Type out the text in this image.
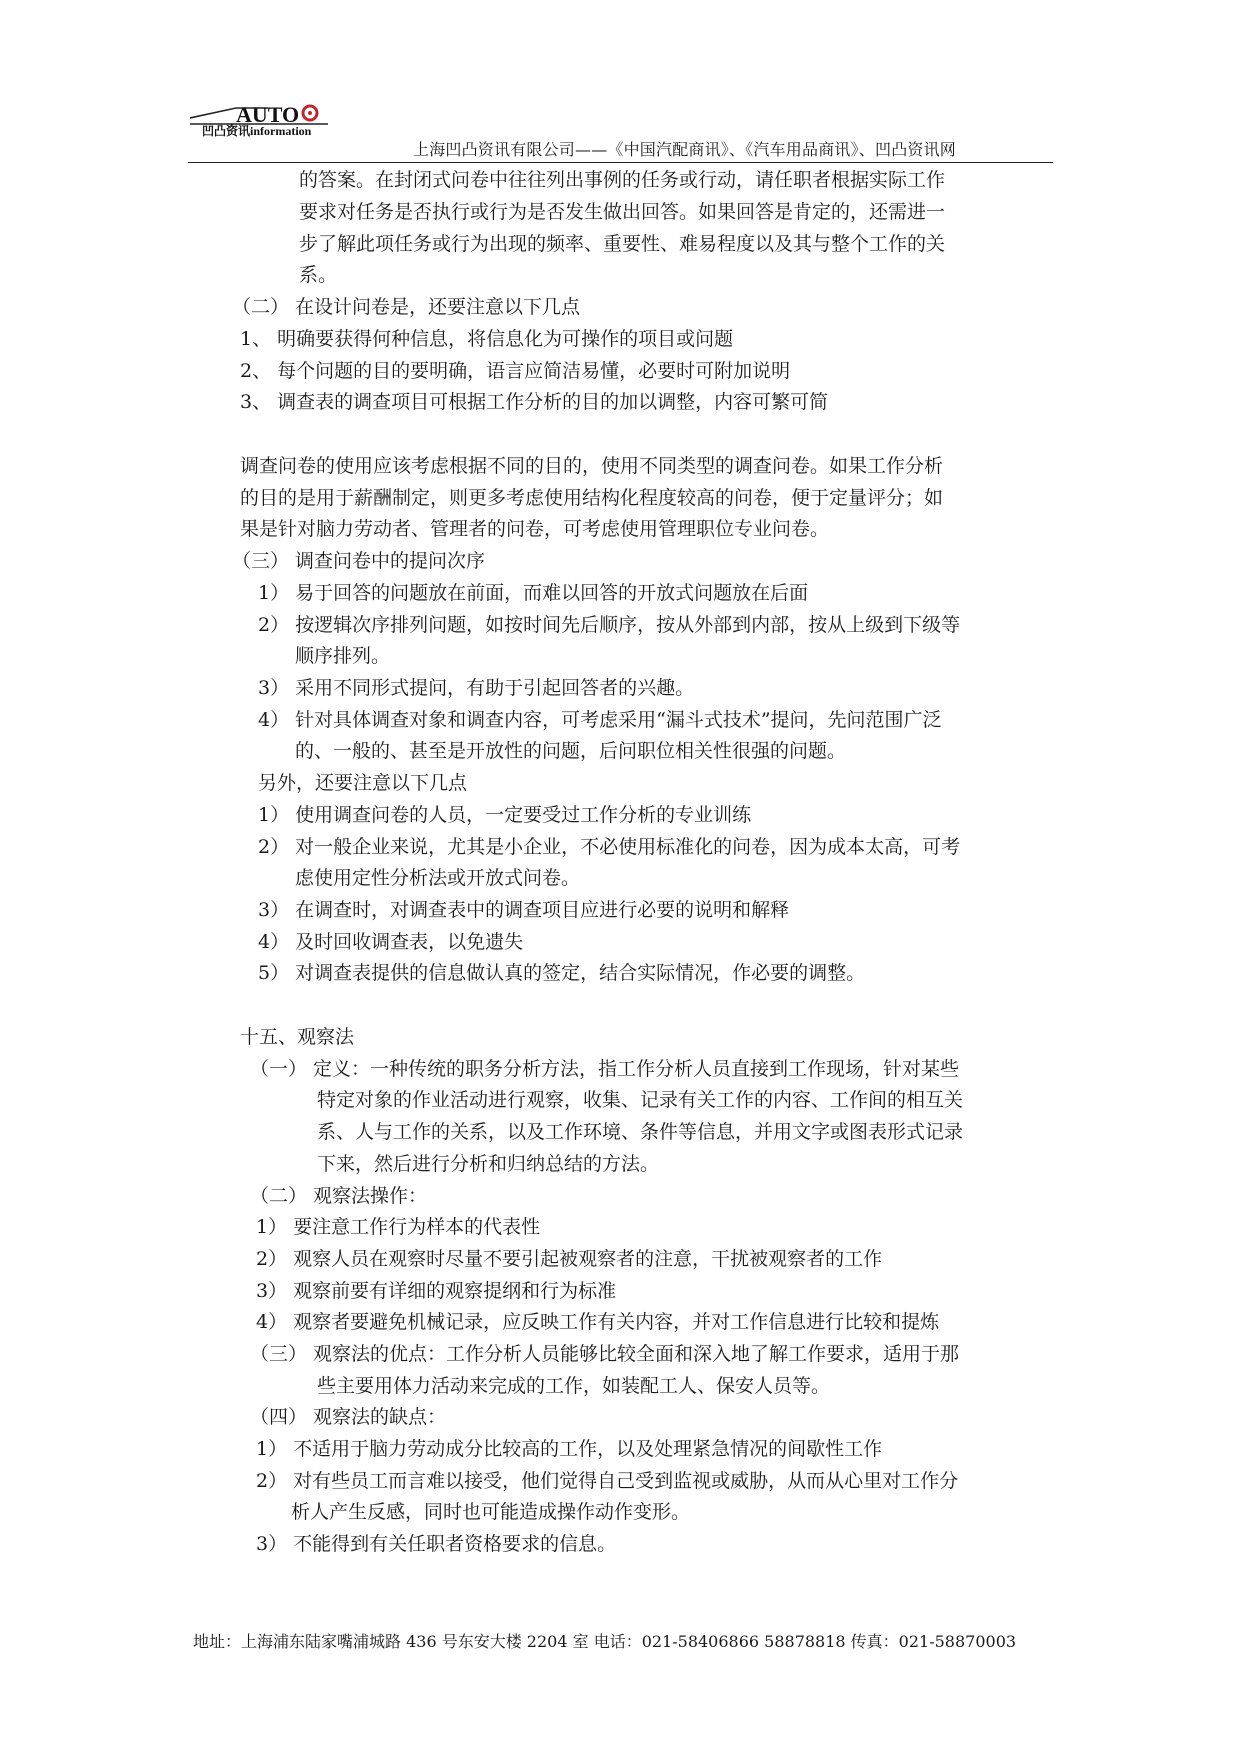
AUTO
凹凸资讯information
上海凹凸资讯有限公司——《中国汽配商讯》、《汽车用品商讯》、凹凸资讯网
的答案。在封闭式问卷中往往列出事例的任务或行动，请任职者根据实际工作
要求对任务是否执行或行为是否发生做出回答。如果回答是肯定的，还需进一
步了解此项任务或行为出现的频率、重要性、难易程度以及其与整个工作的关
系。
（二） 在设计问卷是，还要注意以下几点
1、 明确要获得何种信息，将信息化为可操作的项目或问题
2、 每个问题的目的要明确，语言应简洁易懂，必要时可附加说明
3、 调查表的调查项目可根据工作分析的目的加以调整，内容可繁可简
调查问卷的使用应该考虑根据不同的目的，使用不同类型的调查问卷。如果工作分析
的目的是用于薪酬制定，则更多考虑使用结构化程度较高的问卷，便于定量评分；如
果是针对脑力劳动者、管理者的问卷，可考虑使用管理职位专业问卷。
（三） 调查问卷中的提问次序
1） 易于回答的问题放在前面，而难以回答的开放式问题放在后面
2） 按逻辑次序排列问题，如按时间先后顺序，按从外部到内部，按从上级到下级等
顺序排列。
3） 采用不同形式提问，有助于引起回答者的兴趣。
4） 针对具体调查对象和调查内容，可考虑采用“漏斗式技术”提问，先问范围广泛
的、一般的、甚至是开放性的问题，后问职位相关性很强的问题。
另外，还要注意以下几点
1） 使用调查问卷的人员，一定要受过工作分析的专业训练
2） 对一般企业来说，尤其是小企业，不必使用标准化的问卷，因为成本太高，可考
虑使用定性分析法或开放式问卷。
3） 在调查时，对调查表中的调查项目应进行必要的说明和解释
4） 及时回收调查表，以免遗失
5） 对调查表提供的信息做认真的签定，结合实际情况，作必要的调整。
十五、观察法
（一） 定义：一种传统的职务分析方法，指工作分析人员直接到工作现场，针对某些
特定对象的作业活动进行观察，收集、记录有关工作的内容、工作间的相互关
系、人与工作的关系，以及工作环境、条件等信息，并用文字或图表形式记录
下来，然后进行分析和归纳总结的方法。
（二） 观察法操作：
1） 要注意工作行为样本的代表性
2） 观察人员在观察时尽量不要引起被观察者的注意，干扰被观察者的工作
3） 观察前要有详细的观察提纲和行为标准
4） 观察者要避免机械记录，应反映工作有关内容，并对工作信息进行比较和提炼
（三） 观察法的优点：工作分析人员能够比较全面和深入地了解工作要求，适用于那
些主要用体力活动来完成的工作，如装配工人、保安人员等。
（四） 观察法的缺点：
1） 不适用于脑力劳动成分比较高的工作，以及处理紧急情况的间歇性工作
2） 对有些员工而言难以接受，他们觉得自己受到监视或威胁，从而从心里对工作分
析人产生反感，同时也可能造成操作动作变形。
3） 不能得到有关任职者资格要求的信息。
地址：上海浦东陆家嘴浦城路 436 号东安大楼 2204 室 电话：021-58406866 58878818 传真：021-58870003
